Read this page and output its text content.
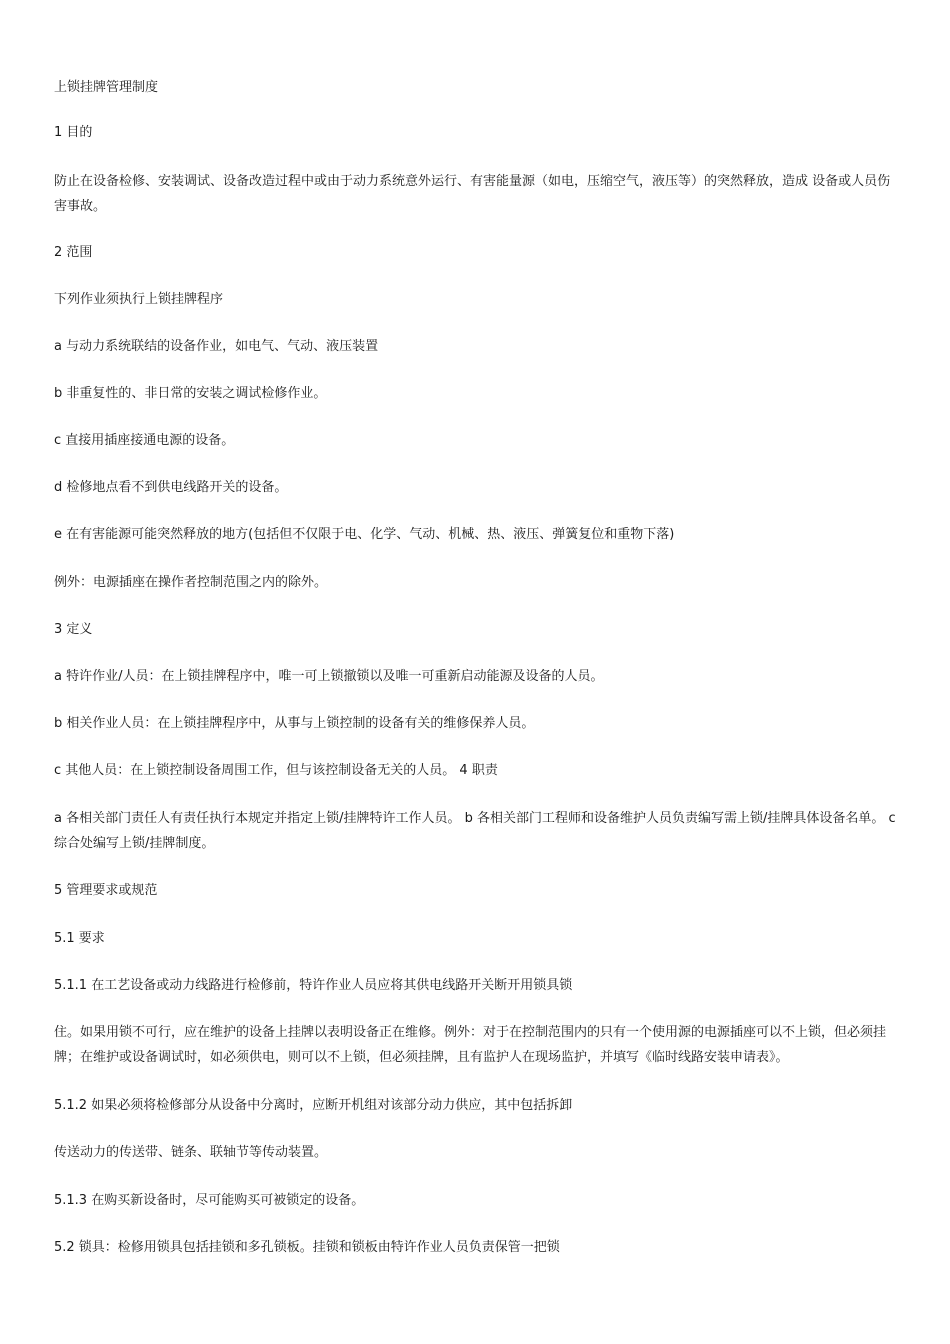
上锁挂牌管理制度

1 目的

防止在设备检修、安装调试、设备改造过程中或由于动力系统意外运行、有害能量源（如电，压缩空气，液压等）的突然释放，造成 设备或人员伤害事故。

2 范围

下列作业须执行上锁挂牌程序

a 与动力系统联结的设备作业，如电气、气动、液压装置

b 非重复性的、非日常的安装之调试检修作业。

c 直接用插座接通电源的设备。

d 检修地点看不到供电线路开关的设备。

e 在有害能源可能突然释放的地方(包括但不仅限于电、化学、气动、机械、热、液压、弹簧复位和重物下落)

例外：电源插座在操作者控制范围之内的除外。

3 定义

a 特许作业/人员：在上锁挂牌程序中，唯一可上锁撤锁以及唯一可重新启动能源及设备的人员。

b 相关作业人员：在上锁挂牌程序中，从事与上锁控制的设备有关的维修保养人员。

c 其他人员：在上锁控制设备周围工作，但与该控制设备无关的人员。 4 职责

a 各相关部门责任人有责任执行本规定并指定上锁/挂牌特许工作人员。 b 各相关部门工程师和设备维护人员负责编写需上锁/挂牌具体设备名单。 c 综合处编写上锁/挂牌制度。

5 管理要求或规范

5.1 要求

5.1.1 在工艺设备或动力线路进行检修前，特许作业人员应将其供电线路开关断开用锁具锁

住。如果用锁不可行，应在维护的设备上挂牌以表明设备正在维修。例外：对于在控制范围内的只有一个使用源的电源插座可以不上锁，但必须挂牌；在维护或设备调试时，如必须供电，则可以不上锁，但必须挂牌，且有监护人在现场监护，并填写《临时线路安装申请表》。

5.1.2 如果必须将检修部分从设备中分离时，应断开机组对该部分动力供应，其中包括拆卸

传送动力的传送带、链条、联轴节等传动装置。

5.1.3 在购买新设备时，尽可能购买可被锁定的设备。

5.2 锁具：检修用锁具包括挂锁和多孔锁板。挂锁和锁板由特许作业人员负责保管一把锁
